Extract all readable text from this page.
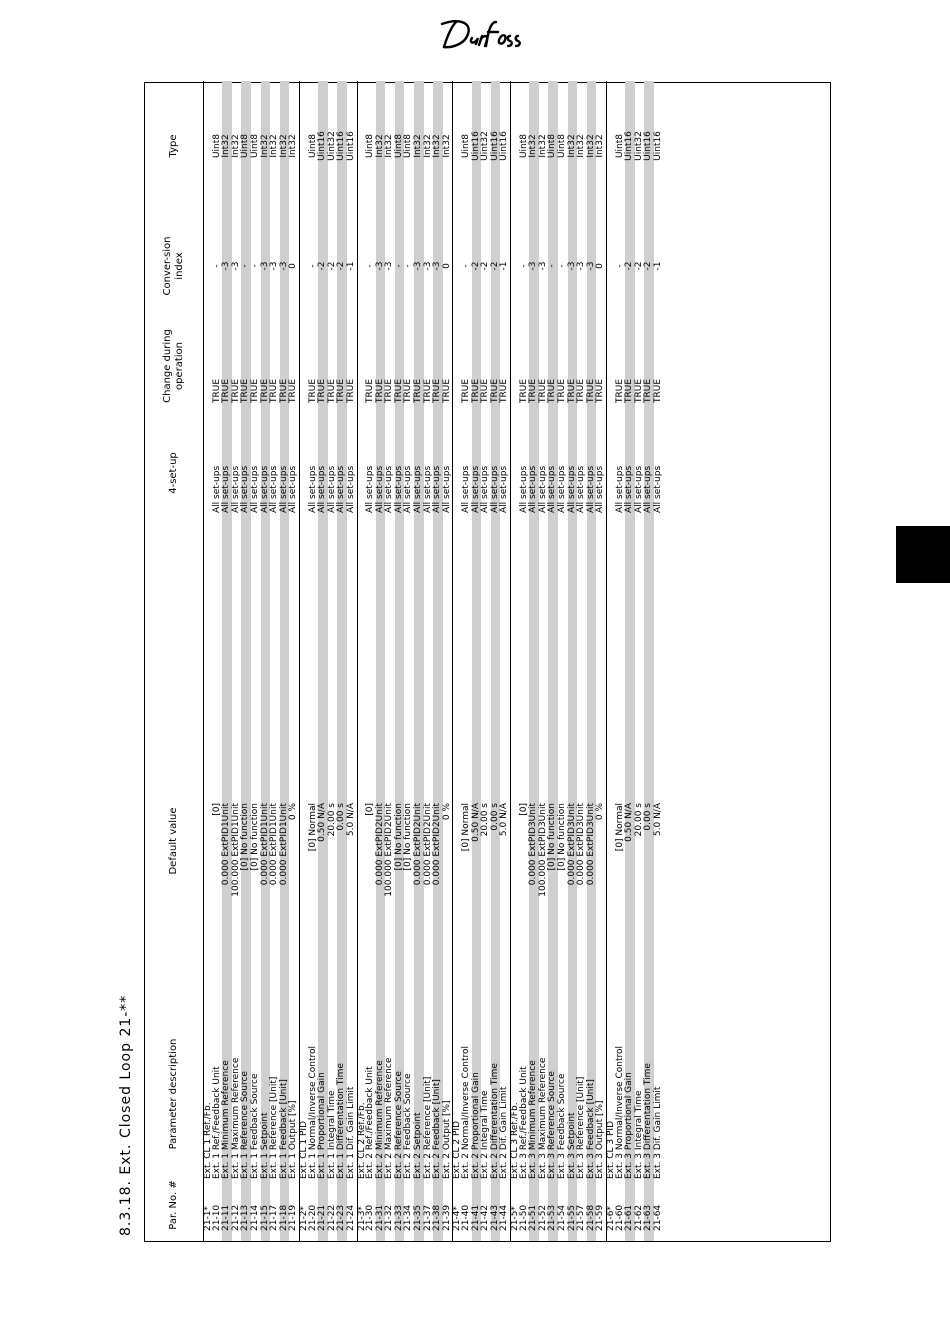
8.3.18. Ext. Closed Loop 21-**	Par. No. #
Parameter description
Default value
4-set-up
Change during operation
Conver-sion index
Type
21-1*
Ext. CL 1 Ref./Fb.
21-10
Ext. 1 Ref./Feedback Unit
[0]
All set-ups
TRUE
-
Uint8
21-11
Ext. 1 Minimum Reference
0.000 ExtPID1Unit
All set-ups
TRUE
-3
Int32
21-12
Ext. 1 Maximum Reference
100.000 ExtPID1Unit
All set-ups
TRUE
-3
Int32
21-13
Ext. 1 Reference Source
[0] No function
All set-ups
TRUE
-
Uint8
21-14
Ext. 1 Feedback Source
[0] No function
All set-ups
TRUE
-
Uint8
21-15
Ext. 1 Setpoint
0.000 ExtPID1Unit
All set-ups
TRUE
-3
Int32
21-17
Ext. 1 Reference [Unit]
0.000 ExtPID1Unit
All set-ups
TRUE
-3
Int32
21-18
Ext. 1 Feedback [Unit]
0.000 ExtPID1Unit
All set-ups
TRUE
-3
Int32
21-19
Ext. 1 Output [%]
0 %
All set-ups
TRUE
0
Int32
21-2*
Ext. CL 1 PID
21-20
Ext. 1 Normal/Inverse Control
[0] Normal
All set-ups
TRUE
-
Uint8
21-21
Ext. 1 Proportional Gain
0.50 N/A
All set-ups
TRUE
-2
Uint16
21-22
Ext. 1 Integral Time
20.00 s
All set-ups
TRUE
-2
Uint32
21-23
Ext. 1 Differentation Time
0.00 s
All set-ups
TRUE
-2
Uint16
21-24
Ext. 1 Dif. Gain Limit
5.0 N/A
All set-ups
TRUE
-1
Uint16
21-3*
Ext. CL 2 Ref./Fb.
21-30
Ext. 2 Ref./Feedback Unit
[0]
All set-ups
TRUE
-
Uint8
21-31
Ext. 2 Minimum Reference
0.000 ExtPID2Unit
All set-ups
TRUE
-3
Int32
21-32
Ext. 2 Maximum Reference
100.000 ExtPID2Unit
All set-ups
TRUE
-3
Int32
21-33
Ext. 2 Reference Source
[0] No function
All set-ups
TRUE
-
Uint8
21-34
Ext. 2 Feedback Source
[0] No function
All set-ups
TRUE
-
Uint8
21-35
Ext. 2 Setpoint
0.000 ExtPID2Unit
All set-ups
TRUE
-3
Int32
21-37
Ext. 2 Reference [Unit]
0.000 ExtPID2Unit
All set-ups
TRUE
-3
Int32
21-38
Ext. 2 Feedback [Unit]
0.000 ExtPID2Unit
All set-ups
TRUE
-3
Int32
21-39
Ext. 2 Output [%]
0 %
All set-ups
TRUE
0
Int32
21-4*
Ext. CL 2 PID
21-40
Ext. 2 Normal/Inverse Control
[0] Normal
All set-ups
TRUE
-
Uint8
21-41
Ext. 2 Proportional Gain
0.50 N/A
All set-ups
TRUE
-2
Uint16
21-42
Ext. 2 Integral Time
20.00 s
All set-ups
TRUE
-2
Uint32
21-43
Ext. 2 Differentation Time
0.00 s
All set-ups
TRUE
-2
Uint16
21-44
Ext. 2 Dif. Gain Limit
5.0 N/A
All set-ups
TRUE
-1
Uint16
21-5*
Ext. CL 3 Ref./Fb.
21-50
Ext. 3 Ref./Feedback Unit
[0]
All set-ups
TRUE
-
Uint8
21-51
Ext. 3 Minimum Reference
0.000 ExtPID3Unit
All set-ups
TRUE
-3
Int32
21-52
Ext. 3 Maximum Reference
100.000 ExtPID3Unit
All set-ups
TRUE
-3
Int32
21-53
Ext. 3 Reference Source
[0] No function
All set-ups
TRUE
-
Uint8
21-54
Ext. 3 Feedback Source
[0] No function
All set-ups
TRUE
-
Uint8
21-55
Ext. 3 Setpoint
0.000 ExtPID3Unit
All set-ups
TRUE
-3
Int32
21-57
Ext. 3 Reference [Unit]
0.000 ExtPID3Unit
All set-ups
TRUE
-3
Int32
21-58
Ext. 3 Feedback [Unit]
0.000 ExtPID3Unit
All set-ups
TRUE
-3
Int32
21-59
Ext. 3 Output [%]
0 %
All set-ups
TRUE
0
Int32
21-6*
Ext. CL 3 PID
21-60
Ext. 3 Normal/Inverse Control
[0] Normal
All set-ups
TRUE
-
Uint8
21-61
Ext. 3 Proportional Gain
0.50 N/A
All set-ups
TRUE
-2
Uint16
21-62
Ext. 3 Integral Time
20.00 s
All set-ups
TRUE
-2
Uint32
21-63
Ext. 3 Differentation Time
0.00 s
All set-ups
TRUE
-2
Uint16
21-64
Ext. 3 Dif. Gain Limit
5.0 N/A
All set-ups
TRUE
-1
Uint16
